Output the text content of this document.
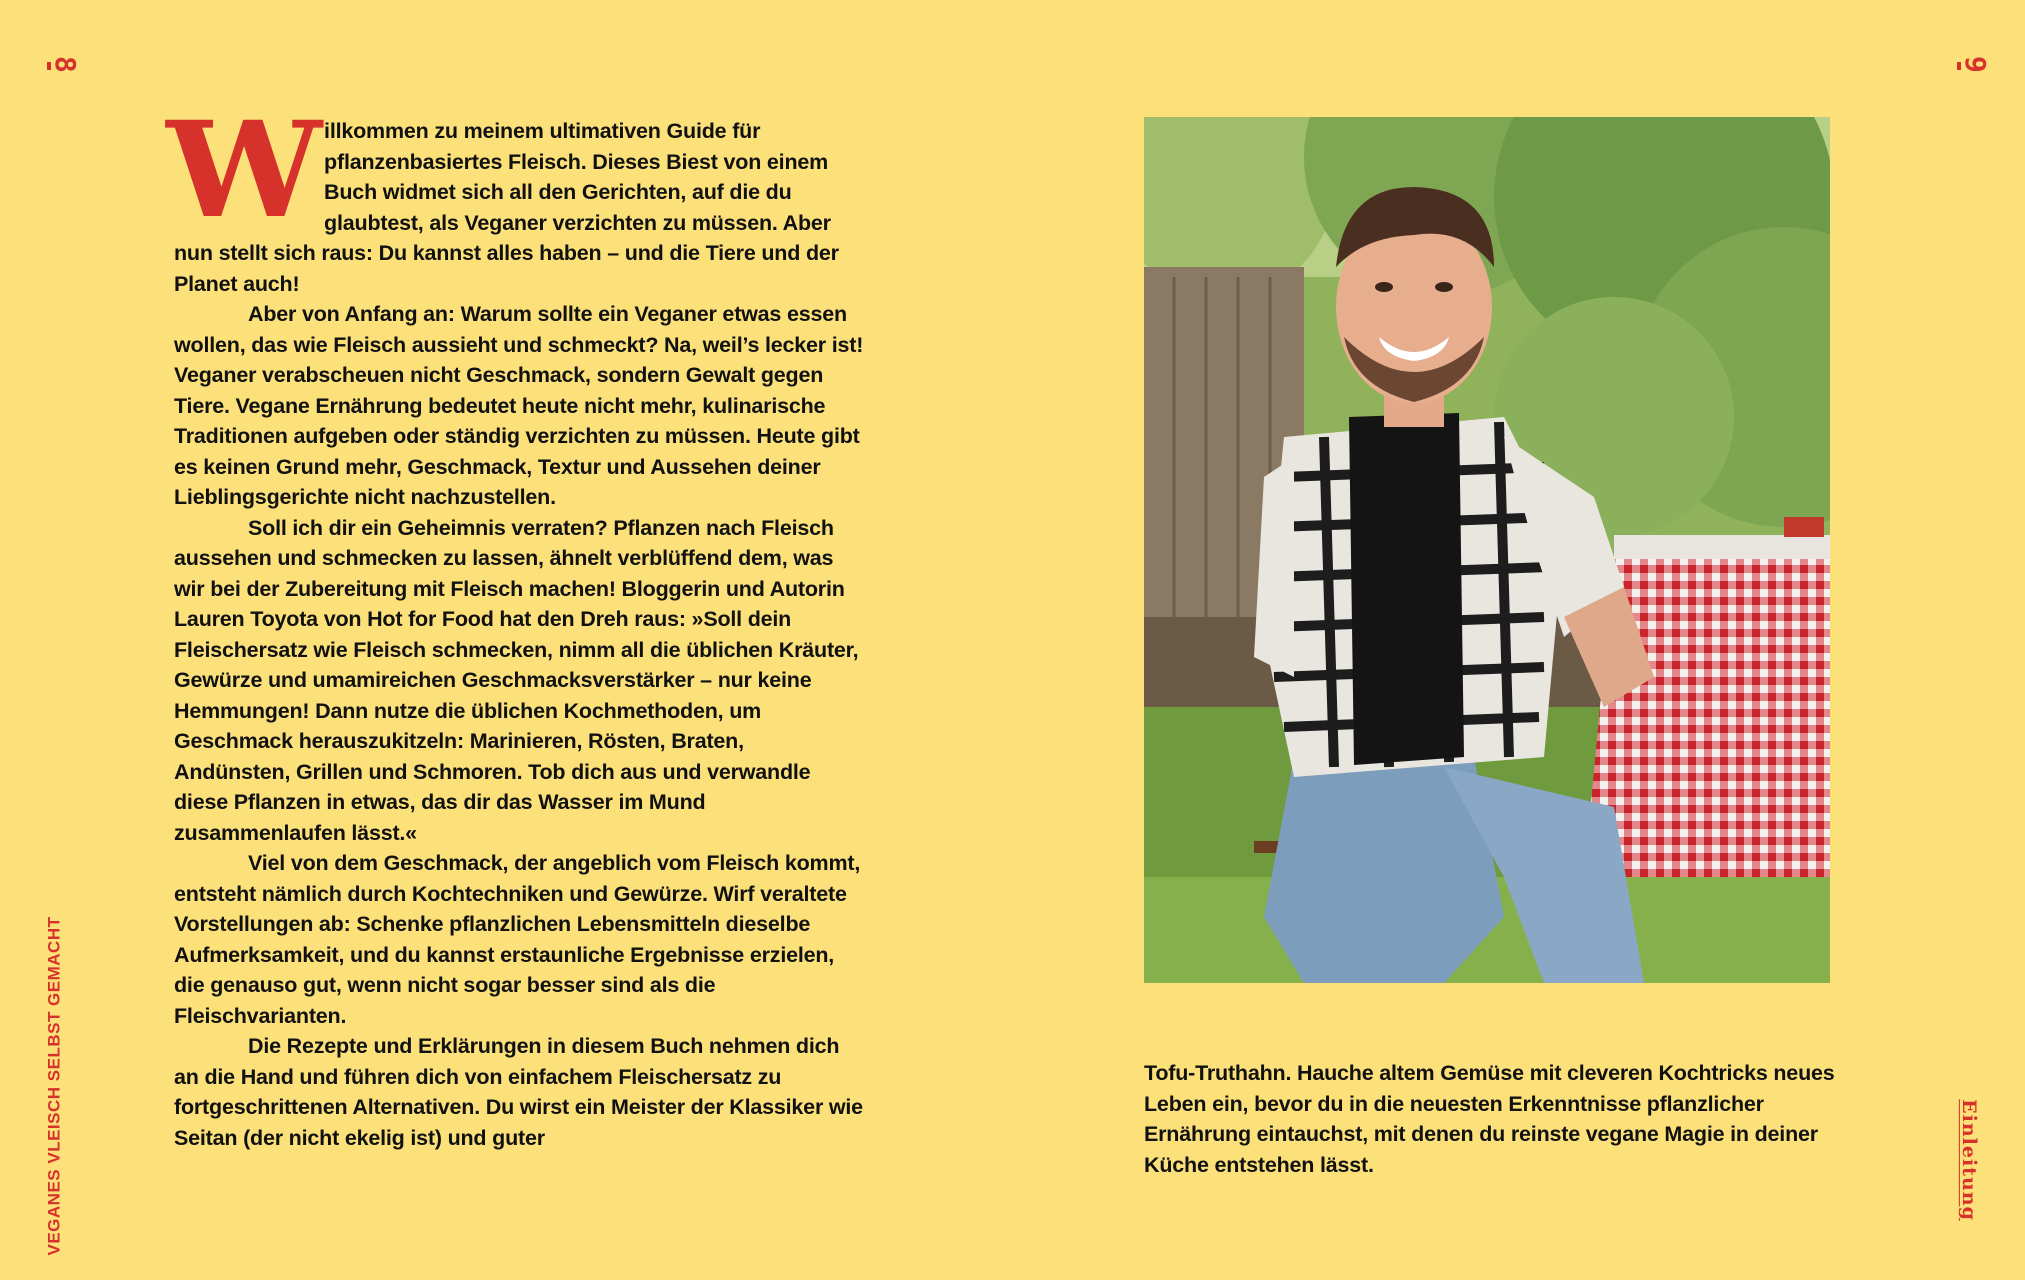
8	9
VEGANES VLEISCH SELBST GEMACHT	Einleitung

Willkommen zu meinem ultimativen Guide für pflanzenbasiertes Fleisch. Dieses Biest von einem Buch widmet sich all den Gerichten, auf die du glaubtest, als Veganer verzichten zu müssen. Aber nun stellt sich raus: Du kannst alles haben – und die Tiere und der Planet auch!

Aber von Anfang an: Warum sollte ein Veganer etwas essen wollen, das wie Fleisch aussieht und schmeckt? Na, weil’s lecker ist! Veganer verabscheuen nicht Geschmack, sondern Gewalt gegen Tiere. Vegane Ernährung bedeutet heute nicht mehr, kulinarische Traditionen aufgeben oder ständig verzichten zu müssen. Heute gibt es keinen Grund mehr, Geschmack, Textur und Aussehen deiner Lieblingsgerichte nicht nachzustellen.

Soll ich dir ein Geheimnis verraten? Pflanzen nach Fleisch aussehen und schmecken zu lassen, ähnelt verblüffend dem, was wir bei der Zubereitung mit Fleisch machen! Bloggerin und Autorin Lauren Toyota von Hot for Food hat den Dreh raus: »Soll dein Fleischersatz wie Fleisch schmecken, nimm all die üblichen Kräuter, Gewürze und umamireichen Geschmacksverstärker – nur keine Hemmungen! Dann nutze die üblichen Kochmethoden, um Geschmack herauszukitzeln: Marinieren, Rösten, Braten, Andünsten, Grillen und Schmoren. Tob dich aus und verwandle diese Pflanzen in etwas, das dir das Wasser im Mund zusammenlaufen lässt.«

Viel von dem Geschmack, der angeblich vom Fleisch kommt, entsteht nämlich durch Kochtechniken und Gewürze. Wirf veraltete Vorstellungen ab: Schenke pflanzlichen Lebensmitteln dieselbe Aufmerksamkeit, und du kannst erstaunliche Ergebnisse erzielen, die genauso gut, wenn nicht sogar besser sind als die Fleischvarianten.

Die Rezepte und Erklärungen in diesem Buch nehmen dich an die Hand und führen dich von einfachem Fleischersatz zu fortgeschrittenen Alternativen. Du wirst ein Meister der Klassiker wie Seitan (der nicht ekelig ist) und guter

Tofu-Truthahn. Hauche altem Gemüse mit cleveren Kochtricks neues Leben ein, bevor du in die neuesten Erkenntnisse pflanzlicher Ernährung eintauchst, mit denen du reinste vegane Magie in deiner Küche entstehen lässt.
